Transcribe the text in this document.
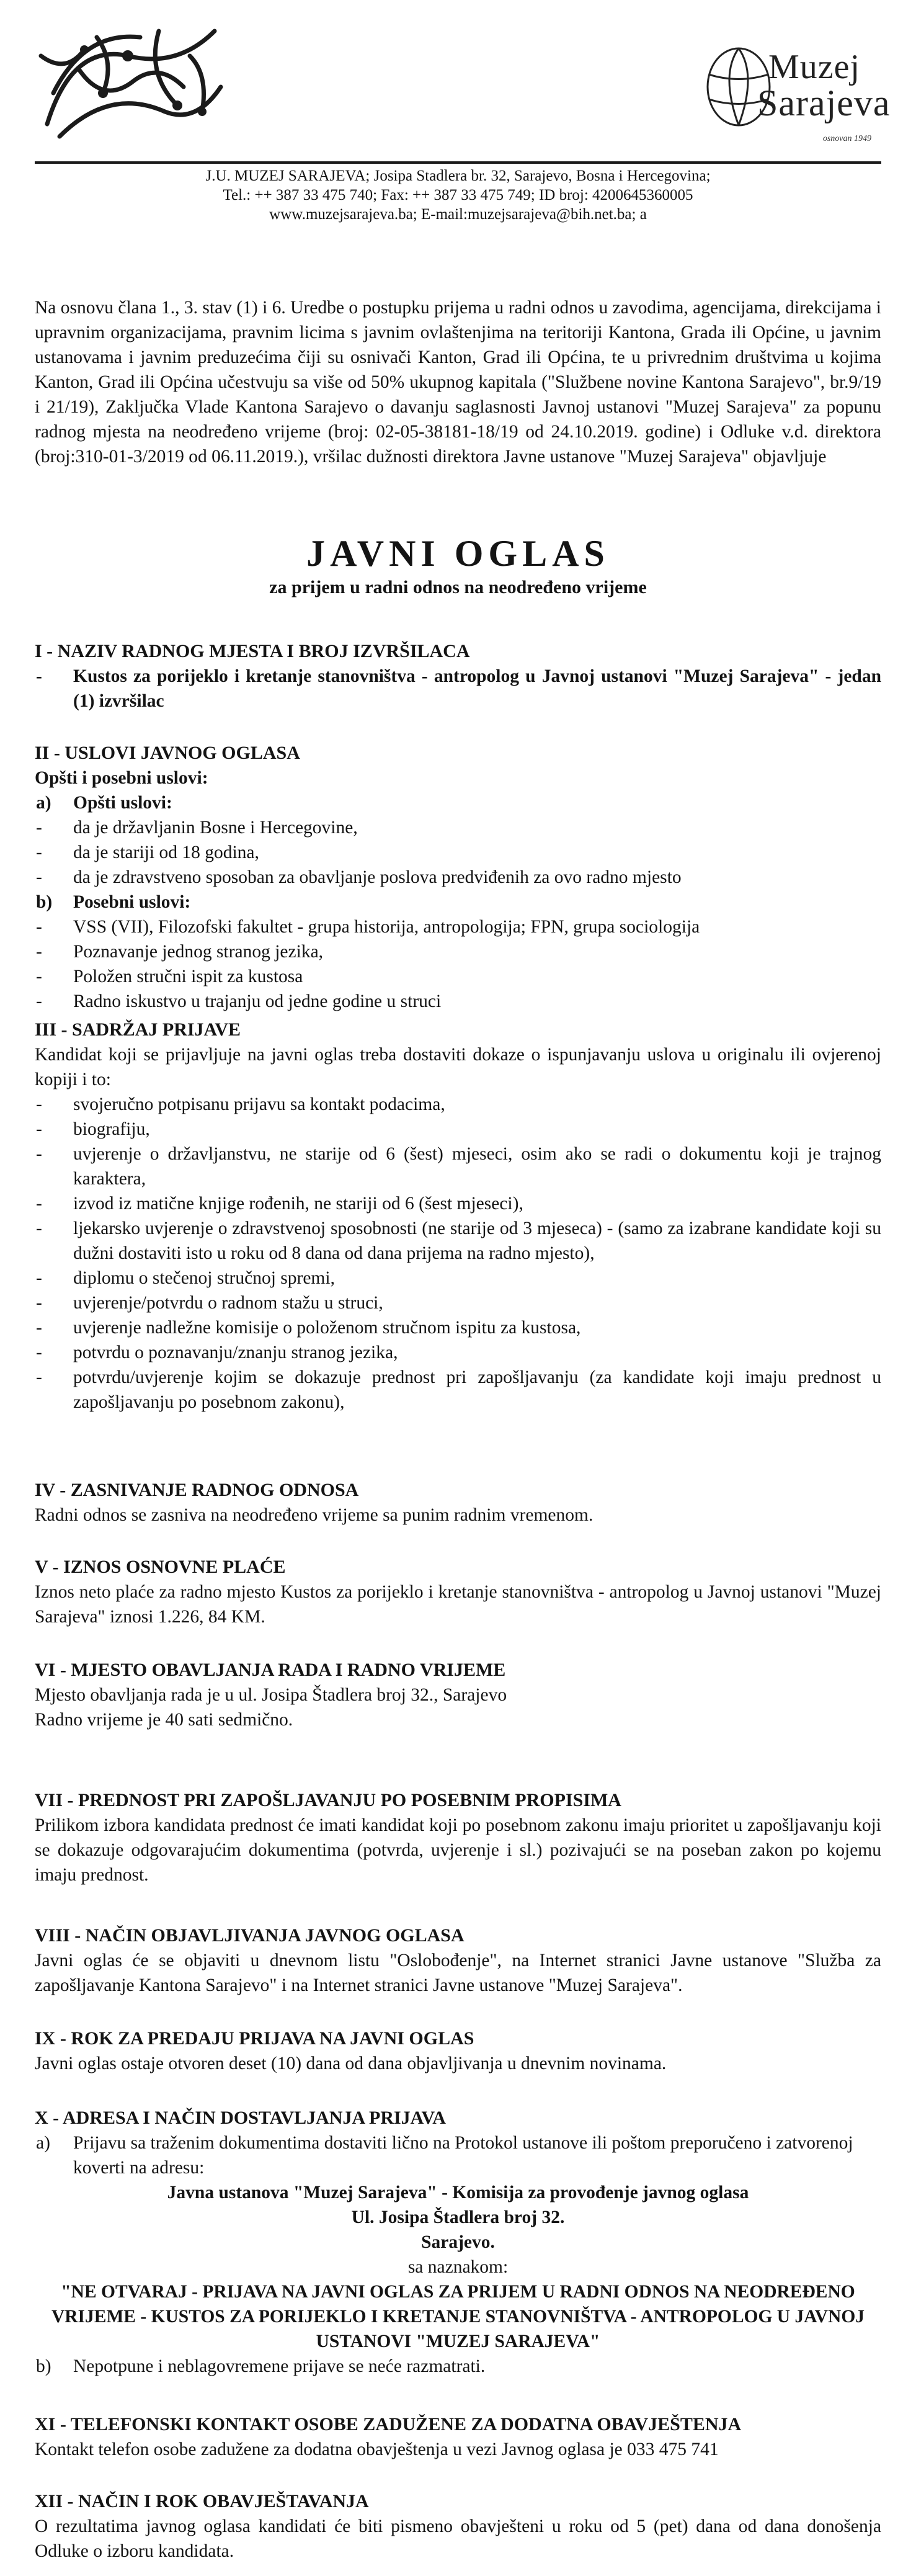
Muzej
Sarajeva
osnovan 1949
J.U. MUZEJ SARAJEVA; Josipa Stadlera br. 32, Sarajevo, Bosna i Hercegovina;
Tel.: ++ 387 33 475 740; Fax: ++ 387 33 475 749; ID broj: 4200645360005
www.muzejsarajeva.ba; E-mail:muzejsarajeva@bih.net.ba; a

Na osnovu člana 1., 3. stav (1) i 6. Uredbe o postupku prijema u radni odnos u zavodima, agencijama, direkcijama i upravnim organizacijama, pravnim licima s javnim ovlaštenjima na teritoriji Kantona, Grada ili Općine, u javnim ustanovama i javnim preduzećima čiji su osnivači Kanton, Grad ili Općina, te u privrednim društvima u kojima Kanton, Grad ili Općina učestvuju sa više od 50% ukupnog kapitala ("Službene novine Kantona Sarajevo", br.9/19 i 21/19), Zaključka Vlade Kantona Sarajevo o davanju saglasnosti Javnoj ustanovi "Muzej Sarajeva" za popunu radnog mjesta na neodređeno vrijeme (broj: 02-05-38181-18/19 od 24.10.2019. godine) i Odluke v.d. direktora (broj:310-01-3/2019 od 06.11.2019.), vršilac dužnosti direktora Javne ustanove "Muzej Sarajeva" objavljuje

JAVNI OGLAS
za prijem u radni odnos na neodređeno vrijeme
I - NAZIV RADNOG MJESTA I BROJ IZVRŠILACA
- Kustos za porijeklo i kretanje stanovništva - antropolog u Javnoj ustanovi "Muzej Sarajeva" - jedan (1) izvršilac
II - USLOVI JAVNOG OGLASA
Opšti i posebni uslovi:
a) Opšti uslovi:
- da je državljanin Bosne i Hercegovine,
- da je stariji od 18 godina,
- da je zdravstveno sposoban za obavljanje poslova predviđenih za ovo radno mjesto
b) Posebni uslovi:
- VSS (VII), Filozofski fakultet - grupa historija, antropologija; FPN, grupa sociologija
- Poznavanje jednog stranog jezika,
- Položen stručni ispit za kustosa
- Radno iskustvo u trajanju od jedne godine u struci
III - SADRŽAJ PRIJAVE

Kandidat koji se prijavljuje na javni oglas treba dostaviti dokaze o ispunjavanju uslova u originalu ili ovjerenoj kopiji i to:

- svojeručno potpisanu prijavu sa kontakt podacima,
- biografiju,
- uvjerenje o državljanstvu, ne starije od 6 (šest) mjeseci, osim ako se radi o dokumentu koji je trajnog karaktera,
- izvod iz matične knjige rođenih, ne stariji od 6 (šest mjeseci),
- ljekarsko uvjerenje o zdravstvenoj sposobnosti (ne starije od 3 mjeseca) - (samo za izabrane kandidate koji su dužni dostaviti isto u roku od 8 dana od dana prijema na radno mjesto),
- diplomu o stečenoj stručnoj spremi,
- uvjerenje/potvrdu o radnom stažu u struci,
- uvjerenje nadležne komisije o položenom stručnom ispitu za kustosa,
- potvrdu o poznavanju/znanju stranog jezika,
- potvrdu/uvjerenje kojim se dokazuje prednost pri zapošljavanju (za kandidate koji imaju prednost u zapošljavanju po posebnom zakonu),
IV - ZASNIVANJE RADNOG ODNOSA

Radni odnos se zasniva na neodređeno vrijeme sa punim radnim vremenom.

V - IZNOS OSNOVNE PLAĆE

Iznos neto plaće za radno mjesto Kustos za porijeklo i kretanje stanovništva - antropolog u Javnoj ustanovi "Muzej Sarajeva" iznosi 1.226, 84 KM.

VI - MJESTO OBAVLJANJA RADA I RADNO VRIJEME

Mjesto obavljanja rada je u ul. Josipa Štadlera broj 32., Sarajevo

Radno vrijeme je 40 sati sedmično.

VII - PREDNOST PRI ZAPOŠLJAVANJU PO POSEBNIM PROPISIMA

Prilikom izbora kandidata prednost će imati kandidat koji po posebnom zakonu imaju prioritet u zapošljavanju koji se dokazuje odgovarajućim dokumentima (potvrda, uvjerenje i sl.) pozivajući se na poseban zakon po kojemu imaju prednost.

VIII - NAČIN OBJAVLJIVANJA JAVNOG OGLASA

Javni oglas će se objaviti u dnevnom listu "Oslobođenje", na Internet stranici Javne ustanove "Služba za zapošljavanje Kantona Sarajevo" i na Internet stranici Javne ustanove "Muzej Sarajeva".

IX - ROK ZA PREDAJU PRIJAVA NA JAVNI OGLAS

Javni oglas ostaje otvoren deset (10) dana od dana objavljivanja u dnevnim novinama.

X - ADRESA I NAČIN DOSTAVLJANJA PRIJAVA
a) Prijavu sa traženim dokumentima dostaviti lično na Protokol ustanove ili poštom preporučeno i zatvorenoj koverti na adresu:
Javna ustanova "Muzej Sarajeva" - Komisija za provođenje javnog oglasa
Ul. Josipa Štadlera broj 32.
Sarajevo.
sa naznakom:
"NE OTVARAJ - PRIJAVA NA JAVNI OGLAS ZA PRIJEM U RADNI ODNOS NA NEODREĐENO VRIJEME - KUSTOS ZA PORIJEKLO I KRETANJE STANOVNIŠTVA - ANTROPOLOG U JAVNOJ USTANOVI "MUZEJ SARAJEVA"
b) Nepotpune i neblagovremene prijave se neće razmatrati.
XI - TELEFONSKI KONTAKT OSOBE ZADUŽENE ZA DODATNA OBAVJEŠTENJA

Kontakt telefon osobe zadužene za dodatna obavještenja u vezi Javnog oglasa je 033 475 741

XII - NAČIN I ROK OBAVJEŠTAVANJA

O rezultatima javnog oglasa kandidati će biti pismeno obavješteni u roku od 5 (pet) dana od dana donošenja Odluke o izboru kandidata.
